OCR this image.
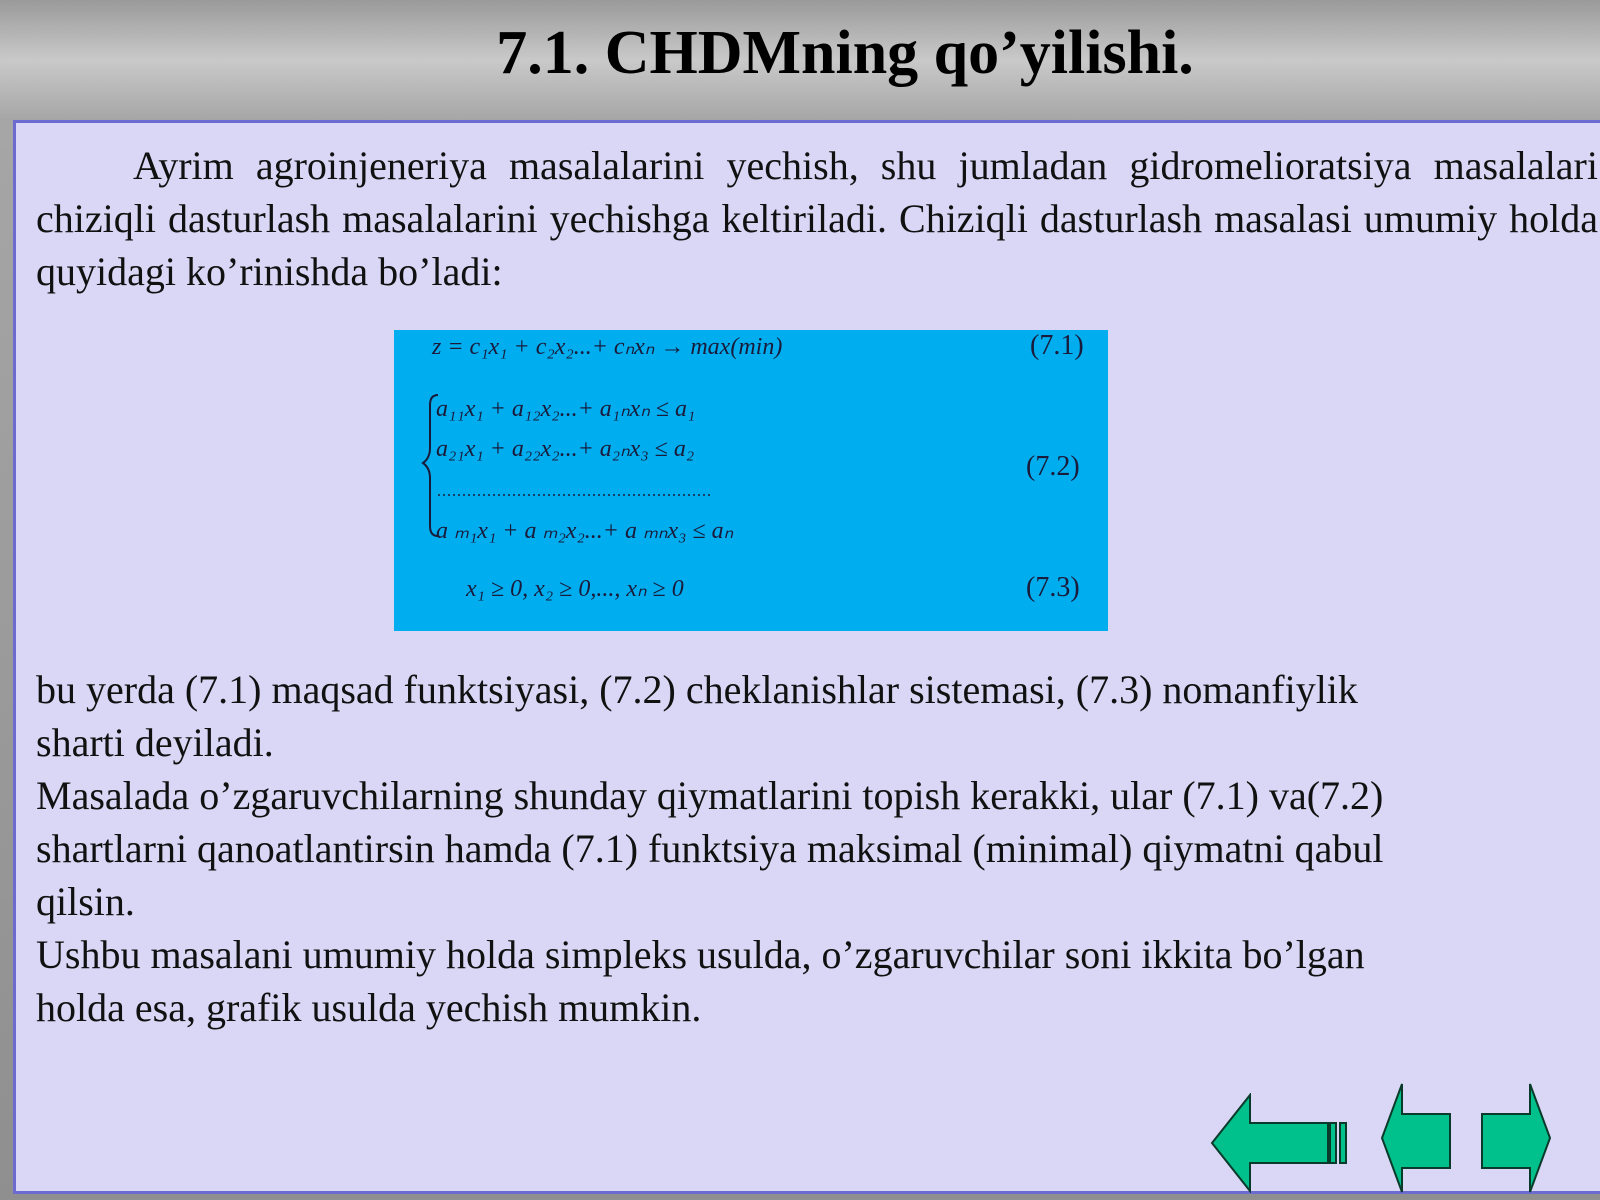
7.1. CHDMning qo’yilishi.

Ayrim agroinjeneriya masalalarini yechish, shu jumladan gidromelioratsiya masalalari chiziqli dasturlash masalalarini yechishga keltiriladi. Chiziqli dasturlash masalasi umumiy holda quyidagi ko’rinishda bo’ladi:

z = c₁x₁ + c₂x₂...+ cₙxₙ → max(min)	(7.1)
a₁₁x₁ + a₁₂x₂...+ a₁ₙxₙ ≤ a₁
a₂₁x₁ + a₂₂x₂...+ a₂ₙx₃ ≤ a₂
a ₘ₁x₁ + a ₘ₂x₂...+ a ₘₙx₃ ≤ aₙ
(7.2)
x₁ ≥ 0, x₂ ≥ 0,..., xₙ ≥ 0	(7.3)

bu yerda (7.1) maqsad funktsiyasi, (7.2) cheklanishlar sistemasi, (7.3) nomanfiylik
sharti deyiladi.
Masalada o’zgaruvchilarning shunday qiymatlarini topish kerakki, ular (7.1) va(7.2)
shartlarni qanoatlantirsin hamda (7.1) funktsiya maksimal (minimal) qiymatni qabul
qilsin.
Ushbu masalani umumiy holda simpleks usulda, o’zgaruvchilar soni ikkita bo’lgan
holda esa, grafik usulda yechish mumkin.
